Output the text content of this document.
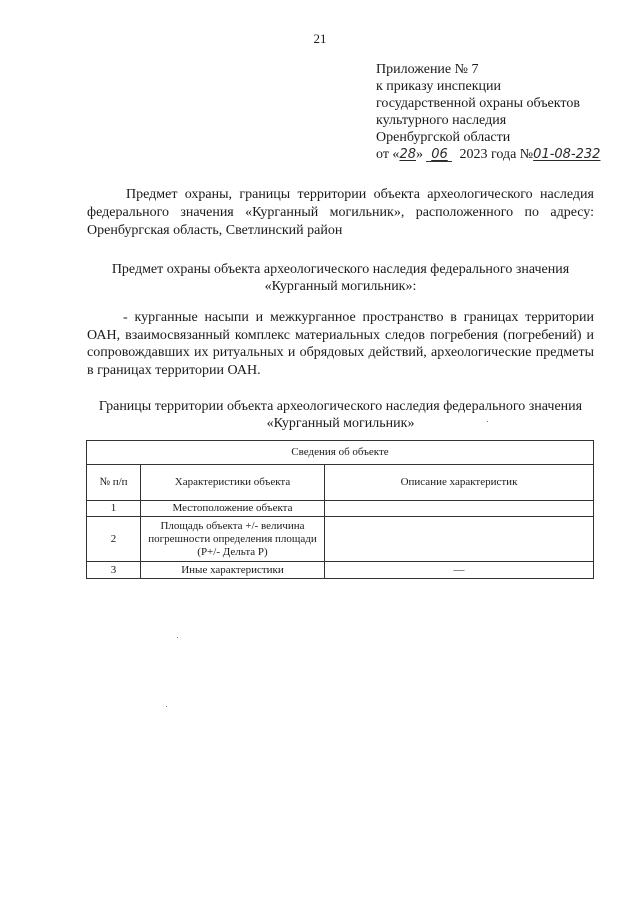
21
Приложение № 7
к приказу инспекции
государственной охраны объектов
культурного наследия
Оренбургской области
от «28» 06 2023 года №01-08-232
Предмет охраны, границы территории объекта археологического наследия федерального значения «Курганный могильник», расположенного по адресу: Оренбургская область, Светлинский район
Предмет охраны объекта археологического наследия федерального значения «Курганный могильник»:
- курганные насыпи и межкурганное пространство в границах территории ОАН, взаимосвязанный комплекс материальных следов погребения (погребений) и сопровождавших их ритуальных и обрядовых действий, археологические предметы в границах территории ОАН.
Границы территории объекта археологического наследия федерального значения «Курганный могильник»
Сведения об объекте		
№ п/п	Характеристики объекта	Описание характеристик
1	Местоположение объекта	
2	Площадь объекта +/- величина погрешности определения площади (Р+/- Дельта Р)	
3	Иные характеристики	—
